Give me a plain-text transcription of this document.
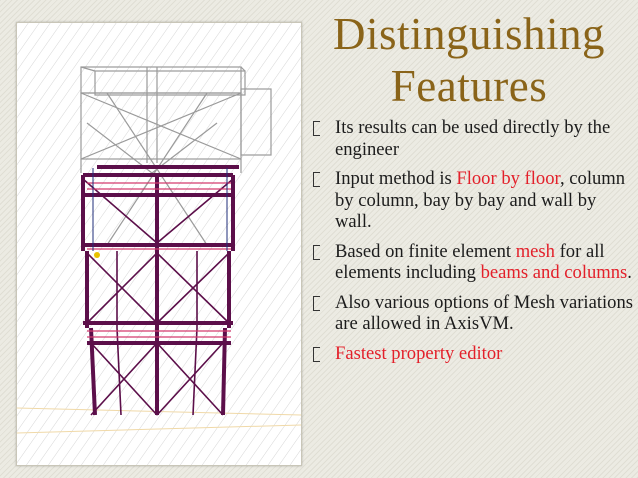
Distinguishing
Features
Its results can be used directly by the engineer
Input method is Floor by floor, column by column, bay by bay and wall by wall.
Based on finite element mesh for all elements including beams and columns.
Also various options of Mesh variations are allowed in AxisVM.
Fastest property editor
